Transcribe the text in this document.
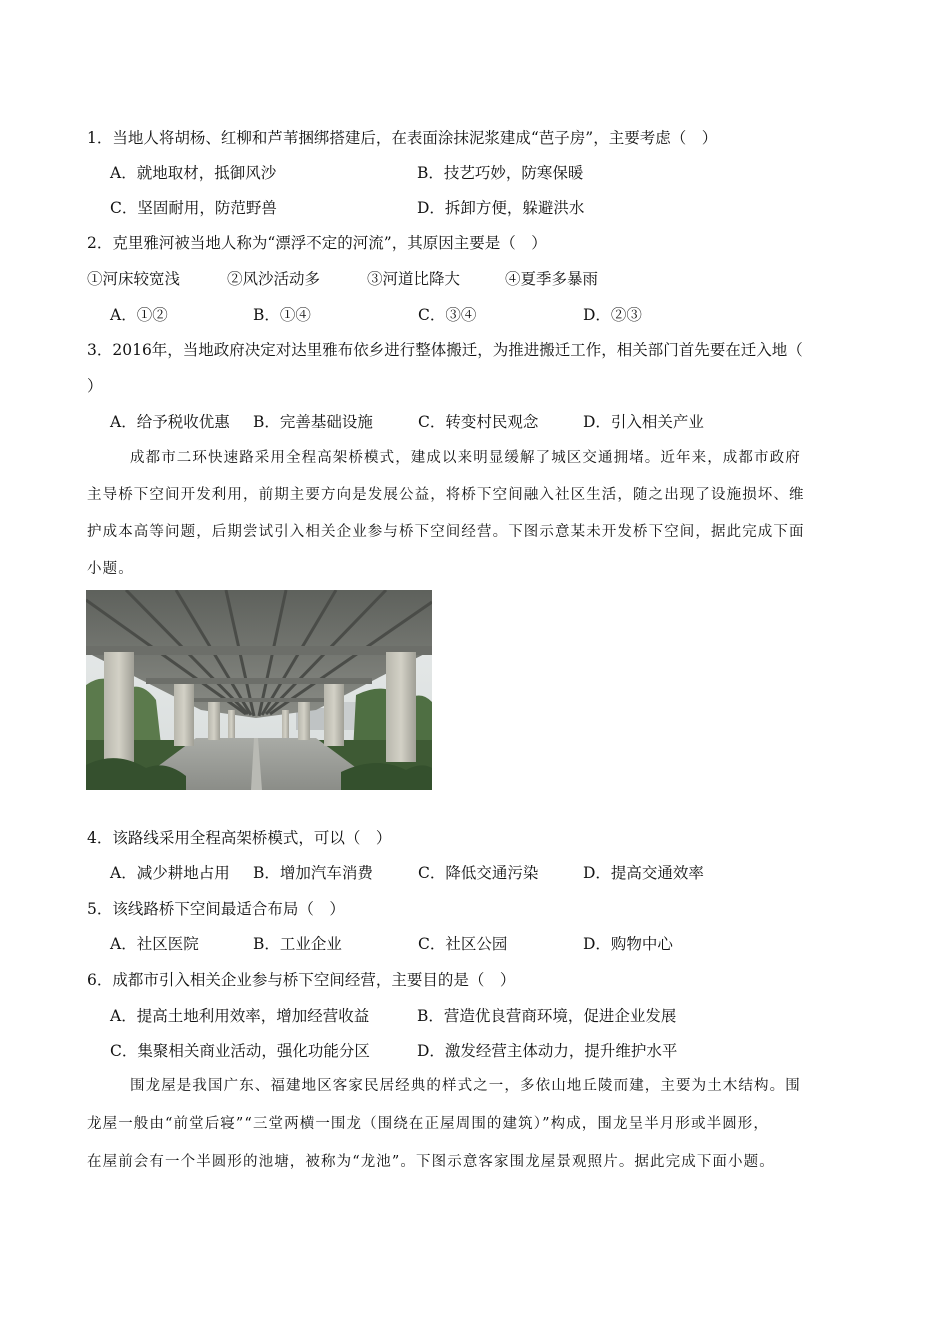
1．当地人将胡杨、红柳和芦苇捆绑搭建后，在表面涂抹泥浆建成“芭子房”，主要考虑（　）
A．就地取材，抵御风沙	B．技艺巧妙，防寒保暖
C．坚固耐用，防范野兽	D．拆卸方便，躲避洪水
2．克里雅河被当地人称为“漂浮不定的河流”，其原因主要是（　）
①河床较宽浅	②风沙活动多	③河道比降大	④夏季多暴雨
A．①②	B．①④	C．③④	D．②③
3．2016年，当地政府决定对达里雅布依乡进行整体搬迁，为推进搬迁工作，相关部门首先要在迁入地（
）
A．给予税收优惠 B．完善基础设施	C．转变村民观念	D．引入相关产业
成都市二环快速路采用全程高架桥模式，建成以来明显缓解了城区交通拥堵。近年来，成都市政府
主导桥下空间开发利用，前期主要方向是发展公益，将桥下空间融入社区生活，随之出现了设施损坏、维
护成本高等问题，后期尝试引入相关企业参与桥下空间经营。下图示意某未开发桥下空间，据此完成下面
小题。
4．该路线采用全程高架桥模式，可以（　）
A．减少耕地占用 B．增加汽车消费	C．降低交通污染	D．提高交通效率
5．该线路桥下空间最适合布局（　）
A．社区医院	B．工业企业	C．社区公园	D．购物中心
6．成都市引入相关企业参与桥下空间经营，主要目的是（　）
A．提高土地利用效率，增加经营收益	B．营造优良营商环境，促进企业发展
C．集聚相关商业活动，强化功能分区	D．激发经营主体动力，提升维护水平
围龙屋是我国广东、福建地区客家民居经典的样式之一，多依山地丘陵而建，主要为土木结构。围
龙屋一般由“前堂后寝”“三堂两横一围龙（围绕在正屋周围的建筑）”构成，围龙呈半月形或半圆形，
在屋前会有一个半圆形的池塘，被称为“龙池”。下图示意客家围龙屋景观照片。据此完成下面小题。
